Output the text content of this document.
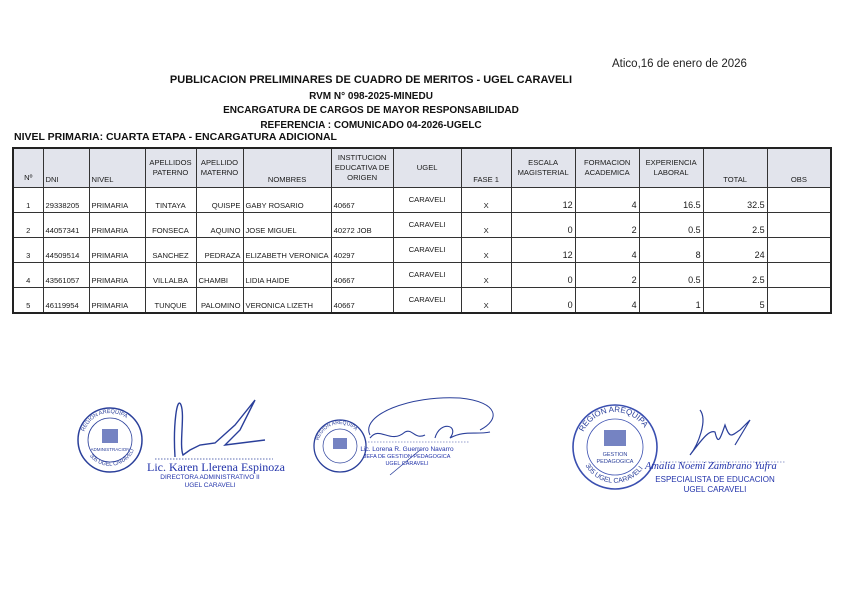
Atico,16 de enero de 2026
PUBLICACION PRELIMINARES DE CUADRO DE MERITOS - UGEL CARAVELI
RVM N° 098-2025-MINEDU
ENCARGATURA DE CARGOS DE MAYOR RESPONSABILIDAD
REFERENCIA : COMUNICADO 04-2026-UGELC
NIVEL PRIMARIA: CUARTA ETAPA - ENCARGATURA ADICIONAL
Nº	DNI	NIVEL	APELLIDOS PATERNO	APELLIDO MATERNO	NOMBRES	INSTITUCION EDUCATIVA DE ORIGEN	UGEL	FASE 1	ESCALA MAGISTERIAL	FORMACION ACADEMICA	EXPERIENCIA LABORAL	TOTAL	OBS
1	29338205	PRIMARIA	TINTAYA	QUISPE	GABY ROSARIO	40667	CARAVELI	X	12	4	16.5	32.5	
2	44057341	PRIMARIA	FONSECA	AQUINO	JOSE MIGUEL	40272 JOB	CARAVELI	X	0	2	0.5	2.5	
3	44509514	PRIMARIA	SANCHEZ	PEDRAZA	ELIZABETH VERONICA	40297	CARAVELI	X	12	4	8	24	
4	43561057	PRIMARIA	VILLALBA	CHAMBI	LIDIA HAIDE	40667	CARAVELI	X	0	2	0.5	2.5	
5	46119954	PRIMARIA	TUNQUE	PALOMINO	VERONICA LIZETH	40667	CARAVELI	X	0	4	1	5	
ADMINISTRACION
REGION AREQUIPA
305 UGEL CARAVELI
Lic. Karen Llerena Espinoza
DIRECTORA ADMINISTRATIVO II
UGEL CARAVELI
REGION AREQUIPA
Lic. Lorena R. Guerrero Navarro
JEFA DE GESTION PEDAGOGICA
UGEL CARAVELI
GESTION
PEDAGOGICA
REGION AREQUIPA
305 UGEL CARAVELI Amalia Noemi Zambrano Yufra
ESPECIALISTA DE EDUCACION
UGEL CARAVELI
